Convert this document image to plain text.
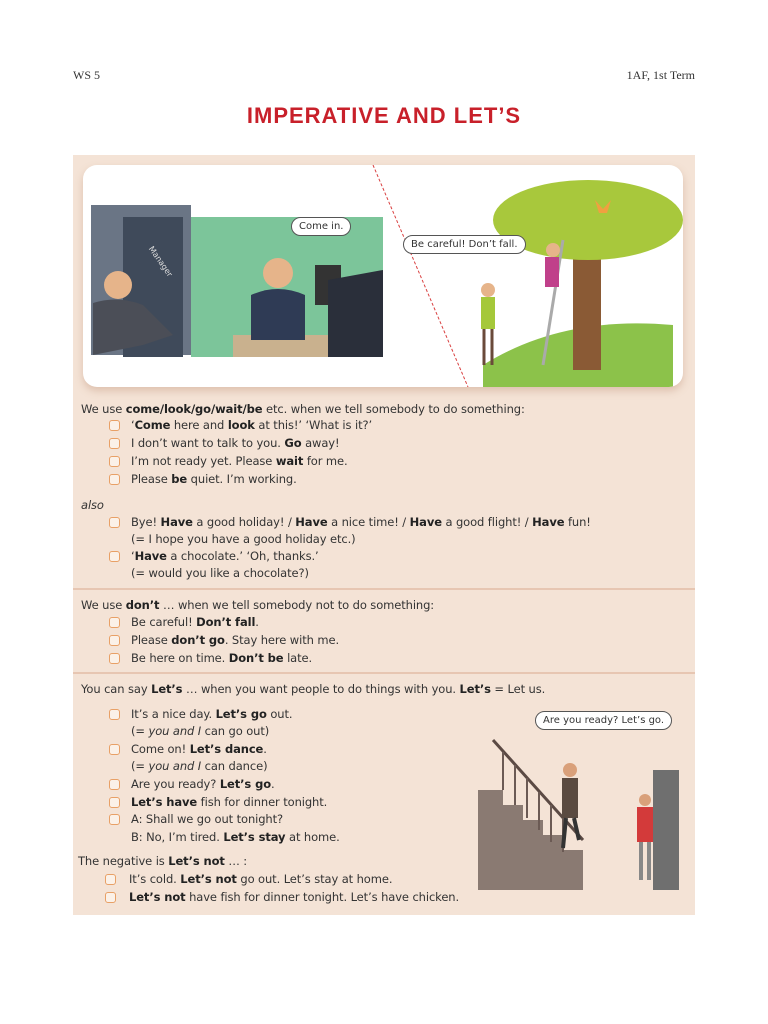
WS 5	1AF, 1st Term
IMPERATIVE AND LET’S
Come in.
Be careful! Don’t fall.
Manager
We use come/look/go/wait/be etc. when we tell somebody to do something:
‘Come here and look at this!’ ‘What is it?’
I don’t want to talk to you. Go away!
I’m not ready yet. Please wait for me.
Please be quiet. I’m working.
also
Bye! Have a good holiday! / Have a nice time! / Have a good flight! / Have fun!
(= I hope you have a good holiday etc.)
‘Have a chocolate.’ ‘Oh, thanks.’
(= would you like a chocolate?)
We use don’t … when we tell somebody not to do something:
Be careful! Don’t fall.
Please don’t go. Stay here with me.
Be here on time. Don’t be late.
You can say Let’s … when you want people to do things with you. Let’s = Let us.
It’s a nice day. Let’s go out.
(= you and I can go out)
Come on! Let’s dance.
(= you and I can dance)
Are you ready? Let’s go.
Let’s have fish for dinner tonight.
A: Shall we go out tonight?
B: No, I’m tired. Let’s stay at home.
The negative is Let’s not … :
It’s cold. Let’s not go out. Let’s stay at home.
Let’s not have fish for dinner tonight. Let’s have chicken.
Are you ready? Let’s go.
